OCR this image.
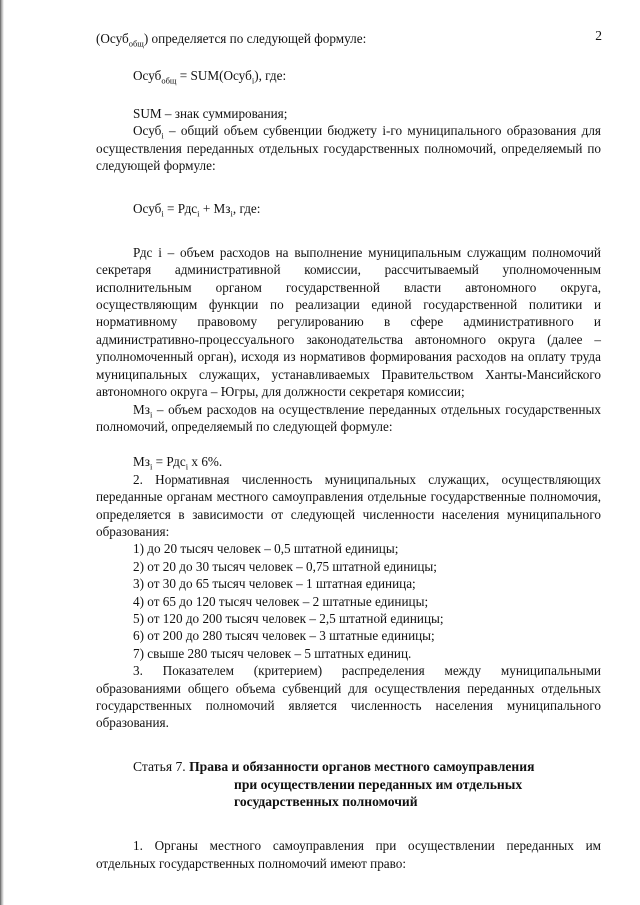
2

(Осуб$_{общ}$) определяется по следующей формуле:

Осуб$_{общ}$ = SUM(Осуб$_i$), где:

SUM – знак суммирования;

Осуб$_i$ – общий объем субвенции бюджету i-го муниципального образования для осуществления переданных отдельных государственных полномочий, определяемый по следующей формуле:

Осуб$_i$ = $Рдс_i + Мз_i$, где:

Рдс i – объем расходов на выполнение муниципальным служащим полномочий секретаря административной комиссии, рассчитываемый уполномоченным исполнительным органом государственной власти автономного округа, осуществляющим функции по реализации единой государственной политики и нормативному правовому регулированию в сфере административного и административно-процессуального законодательства автономного округа (далее – уполномоченный орган), исходя из нормативов формирования расходов на оплату труда муниципальных служащих, устанавливаемых Правительством Ханты-Мансийского автономного округа – Югры, для должности секретаря комиссии;

$Мз_i$ – объем расходов на осуществление переданных отдельных государственных полномочий, определяемый по следующей формуле:

$Мз_i = Рдс_i$ х 6%.

2. Нормативная численность муниципальных служащих, осуществляющих переданные органам местного самоуправления отдельные государственные полномочия, определяется в зависимости от следующей численности населения муниципального образования:

1) до 20 тысяч человек – 0,5 штатной единицы;
2) от 20 до 30 тысяч человек – 0,75 штатной единицы;
3) от 30 до 65 тысяч человек – 1 штатная единица;
4) от 65 до 120 тысяч человек – 2 штатные единицы;
5) от 120 до 200 тысяч человек – 2,5 штатной единицы;
6) от 200 до 280 тысяч человек – 3 штатные единицы;
7) свыше 280 тысяч человек – 5 штатных единиц.

3. Показателем (критерием) распределения между муниципальными образованиями общего объема субвенций для осуществления переданных отдельных государственных полномочий является численность населения муниципального образования.

Статья 7. Права и обязанности органов местного самоуправления
при осуществлении переданных им отдельных
государственных полномочий

1. Органы местного самоуправления при осуществлении переданных им отдельных государственных полномочий имеют право:
